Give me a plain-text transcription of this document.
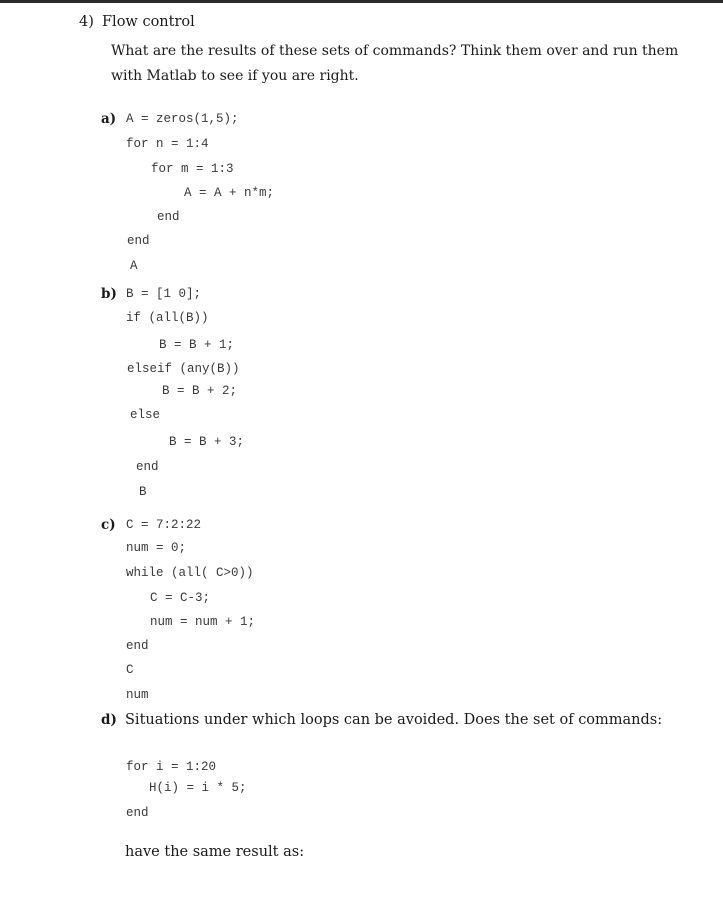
4) Flow control
What are the results of these sets of commands? Think them over and run them
with Matlab to see if you are right.
a) A = zeros(1,5);
for n = 1:4
for m = 1:3
A = A + n*m;
end
end
A
b) B = [1 0];
if (all(B))
B = B + 1;
elseif (any(B))
B = B + 2;
else
B = B + 3;
end
B
c) C = 7:2:22
num = 0;
while (all( C>0))
C = C-3;
num = num + 1;
end
C
num
d) Situations under which loops can be avoided. Does the set of commands:
for i = 1:20
H(i) = i * 5;
end
have the same result as:
